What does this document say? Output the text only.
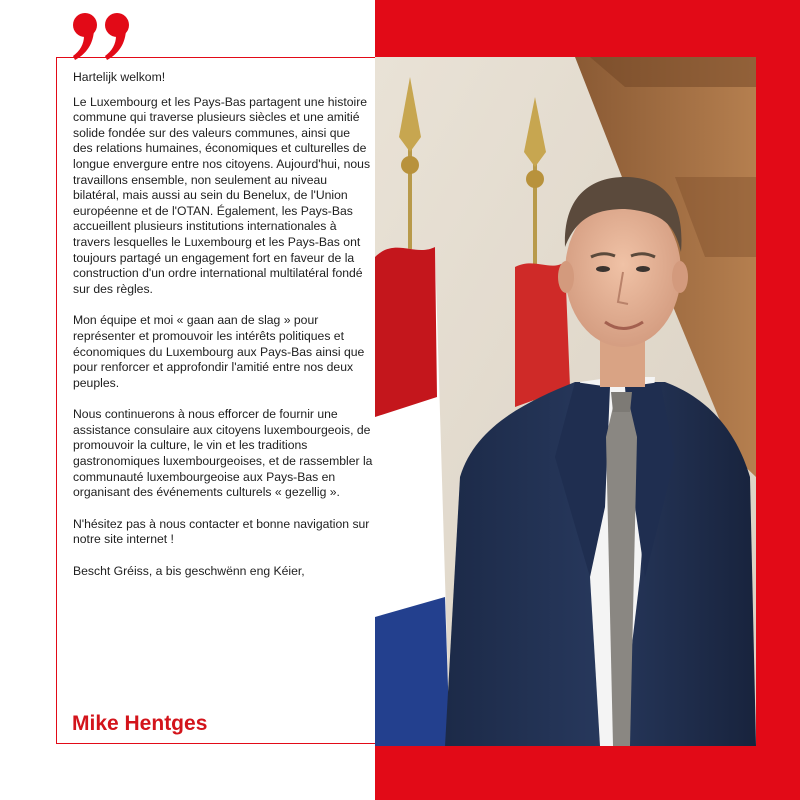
Hartelijk welkom!

Le Luxembourg et les Pays-Bas partagent une histoire commune qui traverse plusieurs siècles et une amitié solide fondée sur des valeurs communes, ainsi que des relations humaines, économiques et culturelles de longue envergure entre nos citoyens. Aujourd'hui, nous travaillons ensemble, non seulement au niveau bilatéral, mais aussi au sein du Benelux, de l'Union européenne et de l'OTAN. Également, les Pays-Bas accueillent plusieurs institutions internationales à travers lesquelles le Luxembourg et les Pays-Bas ont toujours partagé un engagement fort en faveur de la construction d'un ordre international multilatéral fondé sur des règles.

Mon équipe et moi « gaan aan de slag » pour représenter et promouvoir les intérêts politiques et économiques du Luxembourg aux Pays-Bas ainsi que pour renforcer et approfondir l'amitié entre nos deux peuples.

Nous continuerons à nous efforcer de fournir une assistance consulaire aux citoyens luxembourgeois, de promouvoir la culture, le vin et les traditions gastronomiques luxembourgeoises, et de rassembler la communauté luxembourgeoise aux Pays-Bas en organisant des événements culturels « gezellig ».

N'hésitez pas à nous contacter et bonne navigation sur notre site internet !

Bescht Gréiss, a bis geschwënn eng Kéier,

Mike Hentges
